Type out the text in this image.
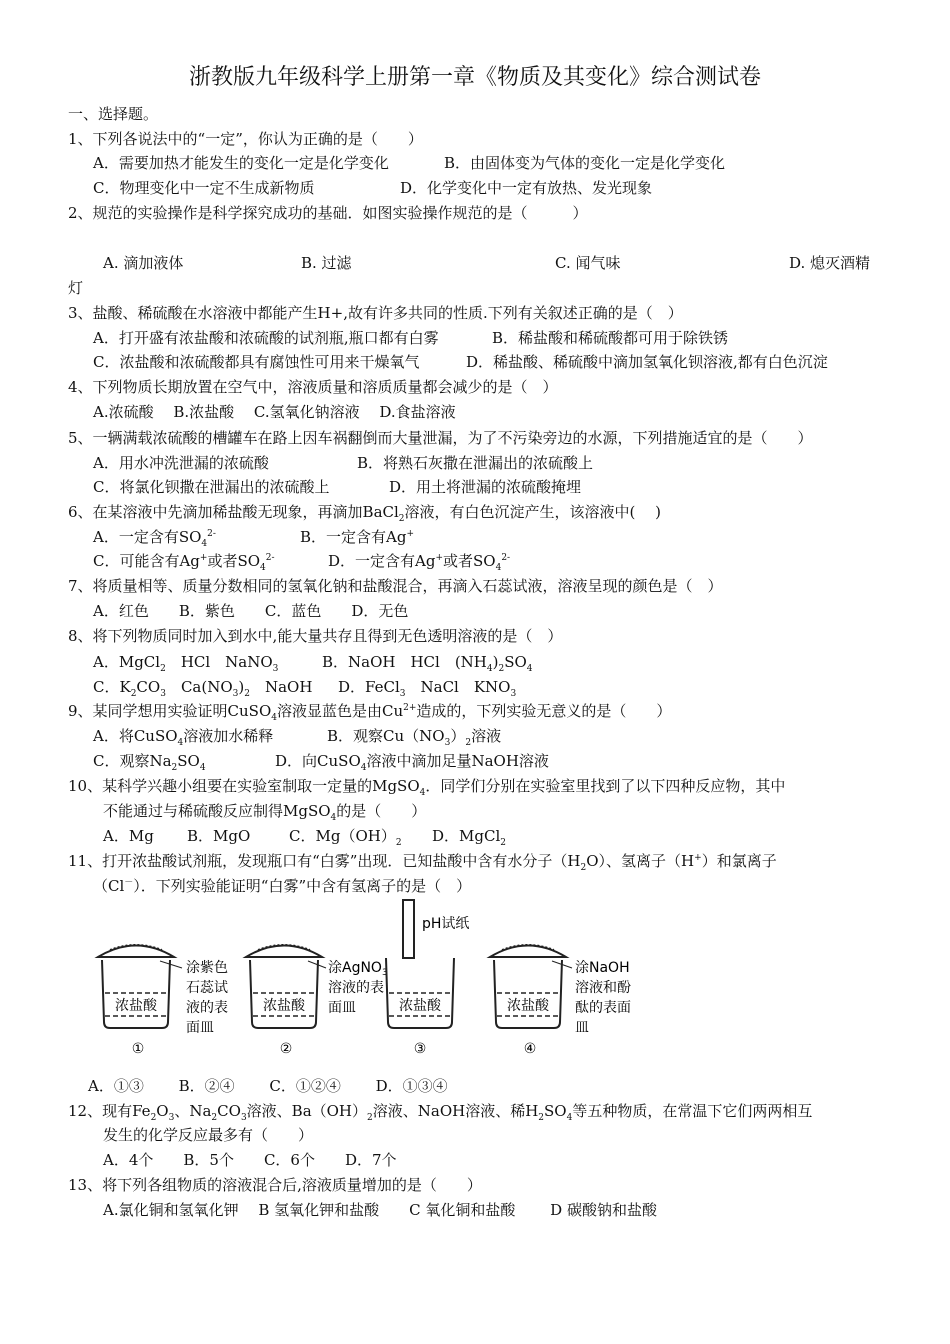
浙教版九年级科学上册第一章《物质及其变化》综合测试卷
一、选择题。
1、下列各说法中的“一定”，你认为正确的是（　　）
A．需要加热才能发生的变化一定是化学变化	B．由固体变为气体的变化一定是化学变化
C．物理变化中一定不生成新物质	D．化学变化中一定有放热、发光现象
2、规范的实验操作是科学探究成功的基础．如图实验操作规范的是（　　　）
A. 滴加液体	B. 过滤	C. 闻气味	D. 熄灭酒精
灯
3、盐酸、稀硫酸在水溶液中都能产生H+,故有许多共同的性质.下列有关叙述正确的是（　）
A．打开盛有浓盐酸和浓硫酸的试剂瓶,瓶口都有白雾	B．稀盐酸和稀硫酸都可用于除铁锈
C．浓盐酸和浓硫酸都具有腐蚀性可用来干燥氧气	D．稀盐酸、稀硫酸中滴加氢氧化钡溶液,都有白色沉淀
4、下列物质长期放置在空气中，溶液质量和溶质质量都会减少的是（　）
A.浓硫酸　 B.浓盐酸　 C.氢氧化钠溶液　 D.食盐溶液
5、一辆满载浓硫酸的槽罐车在路上因车祸翻倒而大量泄漏，为了不污染旁边的水源，下列措施适宜的是（　　）
A．用水冲洗泄漏的浓硫酸	B．将熟石灰撒在泄漏出的浓硫酸上
C．将氯化钡撒在泄漏出的浓硫酸上	D．用土将泄漏的浓硫酸掩埋
6、在某溶液中先滴加稀盐酸无现象，再滴加BaCl$_2$溶液，有白色沉淀产生，该溶液中(　 )
A．一定含有$SO_4^{2-}$	B．一定含有Ag+
C．可能含有Ag+或者$SO_4^{2-}$	D．一定含有Ag+或者$SO_4^{2-}$
7、将质量相等、质量分数相同的氢氧化钠和盐酸混合，再滴入石蕊试液，溶液呈现的颜色是（　）
A．红色　　B．紫色　　C．蓝色　　D．无色
8、将下列物质同时加入到水中,能大量共存且得到无色透明溶液的是（　）
A．MgCl$_2$　HCl　NaNO$_3$	B．NaOH　HCl　$(NH_4)_2SO_4$
C．$K_2CO_3$　$Ca(NO_3)_2$　NaOH D．FeCl$_3$　NaCl　$KNO_3$
9、某同学想用实验证明CuSO$_4$溶液显蓝色是由$Cu^{2+}$造成的，下列实验无意义的是（　　）
A．将CuSO$_4$溶液加水稀释	B．观察$Cu(NO_3)_2$溶液
C．观察$Na_2SO_4$	D．向CuSO$_4$溶液中滴加足量NaOH溶液
10、某科学兴趣小组要在实验室制取一定量的MgSO$_4$．同学们分别在实验室里找到了以下四种反应物，其中
不能通过与稀硫酸反应制得MgSO$_4$的是（　　）
A．Mg B．MgO	C．$Mg(OH)_2$ D．MgCl$_2$
11、打开浓盐酸试剂瓶，发现瓶口有“白雾”出现．已知盐酸中含有水分子$(H_2O)$、氢离子（H+）和氯离子
（Cl－）．下列实验能证明“白雾”中含有氢离子的是（　）
浓盐酸
涂紫色
石蕊试
液的表
面皿
①
浓盐酸
涂AgNO$_3$
溶液的表
面皿
②
pH试纸
浓盐酸
③
浓盐酸
涂NaOH
溶液和酚
酞的表面
皿
④
A．①③　　 B．②④　　 C．①②④　　 D．①③④
12、现有$Fe_2O_3$、$Na_2CO_3$溶液、$Ba(OH)_2$溶液、NaOH溶液、稀$H_2SO_4$等五种物质，在常温下它们两两相互
发生的化学反应最多有（　　）
A．4个　　B．5个　　C．6个　　D．7个
13、将下列各组物质的溶液混合后,溶液质量增加的是（　　）
A.氯化铜和氢氧化钾　 B 氢氧化钾和盐酸　　C 氧化铜和盐酸　　 D 碳酸钠和盐酸
